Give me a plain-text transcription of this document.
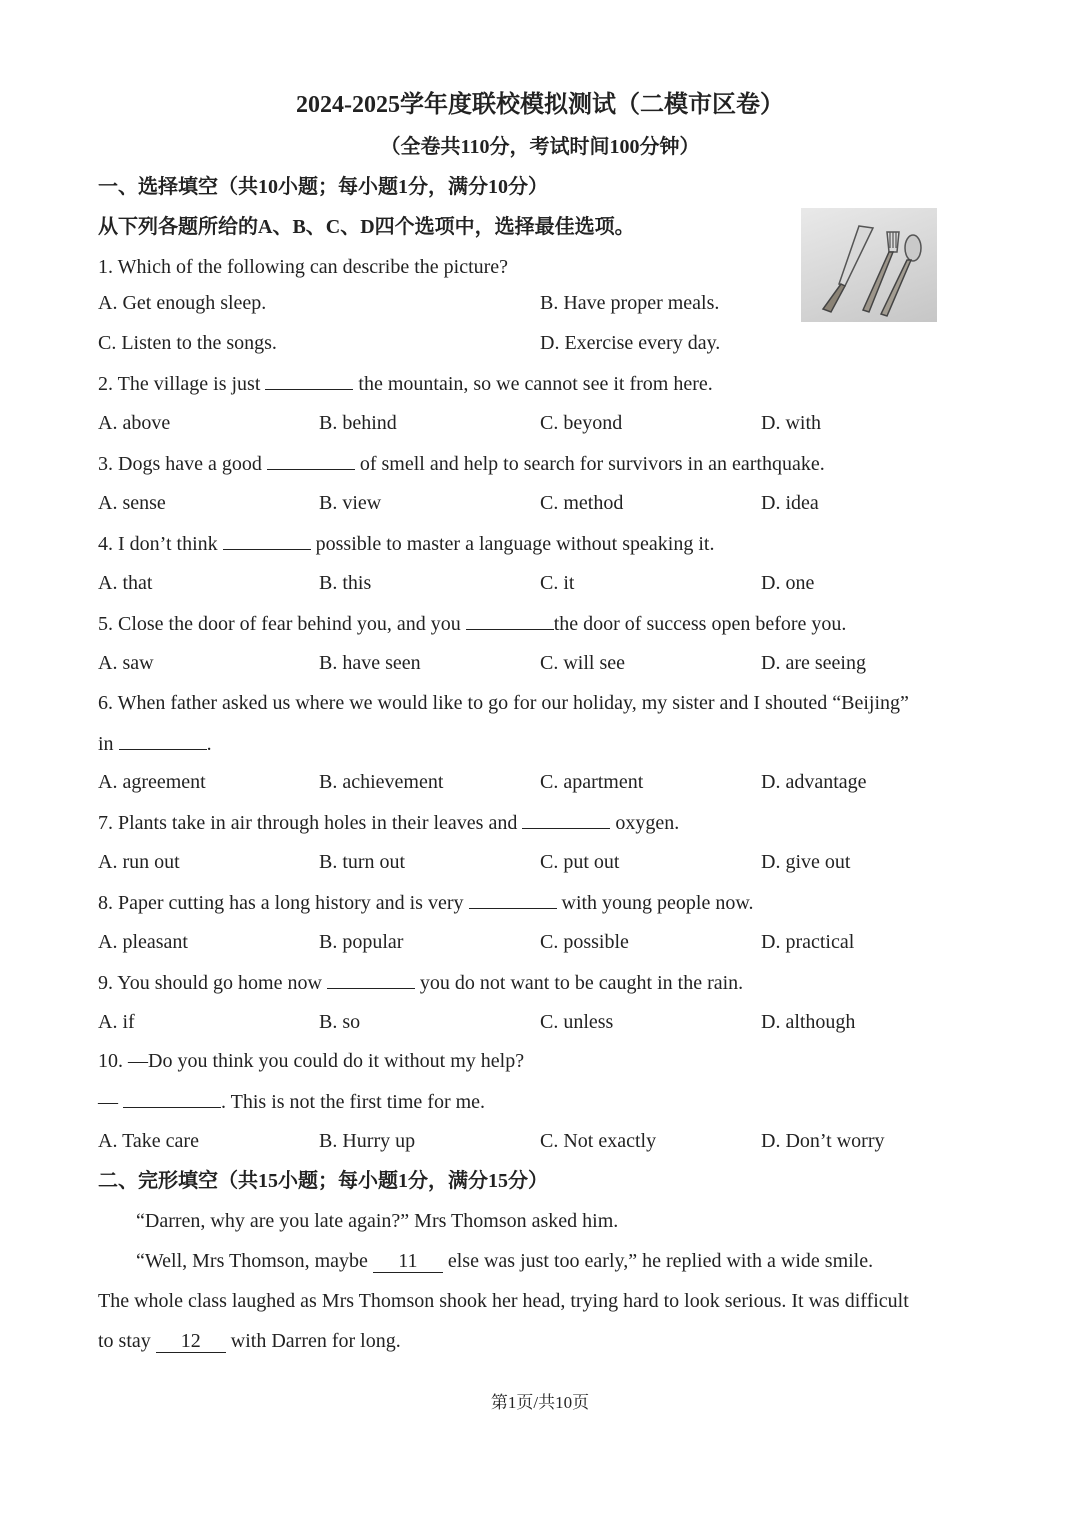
2024-2025学年度联校模拟测试（二模市区卷）
（全卷共110分，考试时间100分钟）
一、选择填空（共10小题；每小题1分，满分10分）
从下列各题所给的A、B、C、D四个选项中，选择最佳选项。
1. Which of the following can describe the picture?
A. Get enough sleep.	B. Have proper meals.
C. Listen to the songs.	D. Exercise every day.
2. The village is just	the mountain, so we cannot see it from here.
A. above	B. behind	C. beyond	D. with
3. Dogs have a good	of smell and help to search for survivors in an earthquake.
A. sense	B. view	C. method	D. idea
4. I don’t think	possible to master a language without speaking it.
A. that	B. this	C. it	D. one
5. Close the door of fear behind you, and you	the door of success open before you.
A. saw	B. have seen	C. will see	D. are seeing
6. When father asked us where we would like to go for our holiday, my sister and I shouted “Beijing”
in	.
A. agreement	B. achievement	C. apartment	D. advantage
7. Plants take in air through holes in their leaves and	oxygen.
A. run out	B. turn out	C. put out	D. give out
8. Paper cutting has a long history and is very	with young people now.
A. pleasant	B. popular	C. possible	D. practical
9. You should go home now	you do not want to be caught in the rain.
A. if	B. so	C. unless	D. although
10. —Do you think you could do it without my help?
—	. This is not the first time for me.
A. Take care	B. Hurry up	C. Not exactly	D. Don’t worry
二、完形填空（共15小题；每小题1分，满分15分）
“Darren, why are you late again?” Mrs Thomson asked him.
“Well, Mrs Thomson, maybe 11 else was just too early,” he replied with a wide smile.
The whole class laughed as Mrs Thomson shook her head, trying hard to look serious. It was difficult
to stay 12 with Darren for long.
第1页/共10页
